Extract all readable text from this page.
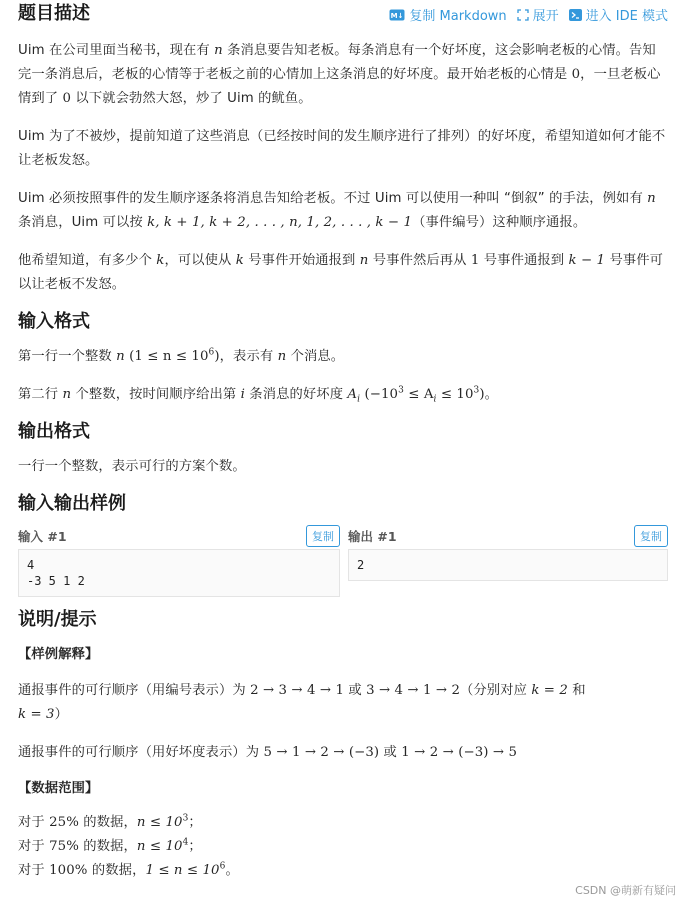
题目描述	M↓ 复制 Markdown 展开 进入 IDE 模式

Uim 在公司里面当秘书，现在有 n 条消息要告知老板。每条消息有一个好坏度，这会影响老板的心情。告知完一条消息后，老板的心情等于老板之前的心情加上这条消息的好坏度。最开始老板的心情是 0，一旦老板心情到了 0 以下就会勃然大怒，炒了 Uim 的鱿鱼。

Uim 为了不被炒，提前知道了这些消息（已经按时间的发生顺序进行了排列）的好坏度，希望知道如何才能不让老板发怒。

Uim 必须按照事件的发生顺序逐条将消息告知给老板。不过 Uim 可以使用一种叫 “倒叙” 的手法，例如有 n 条消息，Uim 可以按 k, k + 1, k + 2, . . . , n, 1, 2, . . . , k − 1（事件编号）这种顺序通报。

他希望知道，有多少个 k，可以使从 k 号事件开始通报到 n 号事件然后再从 1 号事件通报到 k − 1 号事件可以让老板不发怒。

输入格式

第一行一个整数 n $(1 \le n \le 10^6)$，表示有 n 个消息。

第二行 n 个整数，按时间顺序给出第 i 条消息的好坏度 $A_i$ $(-10^3 \le A_i \le 10^3)$。

输出格式

一行一个整数，表示可行的方案个数。

输入输出样例
输入 #1	复制
4
-3 5 1 2
输出 #1	复制
2
说明/提示

【样例解释】

通报事件的可行顺序（用编号表示）为 2 → 3 → 4 → 1 或 3 → 4 → 1 → 2（分别对应 k = 2 和
k = 3）

通报事件的可行顺序（用好坏度表示）为 5 → 1 → 2 → (−3) 或 1 → 2 → (−3) → 5

【数据范围】

对于 25% 的数据，$n \le 10^3$；

对于 75% 的数据，$n \le 10^4$；

对于 100% 的数据，$1 \le n \le 10^6$。

CSDN @萌新有疑问
